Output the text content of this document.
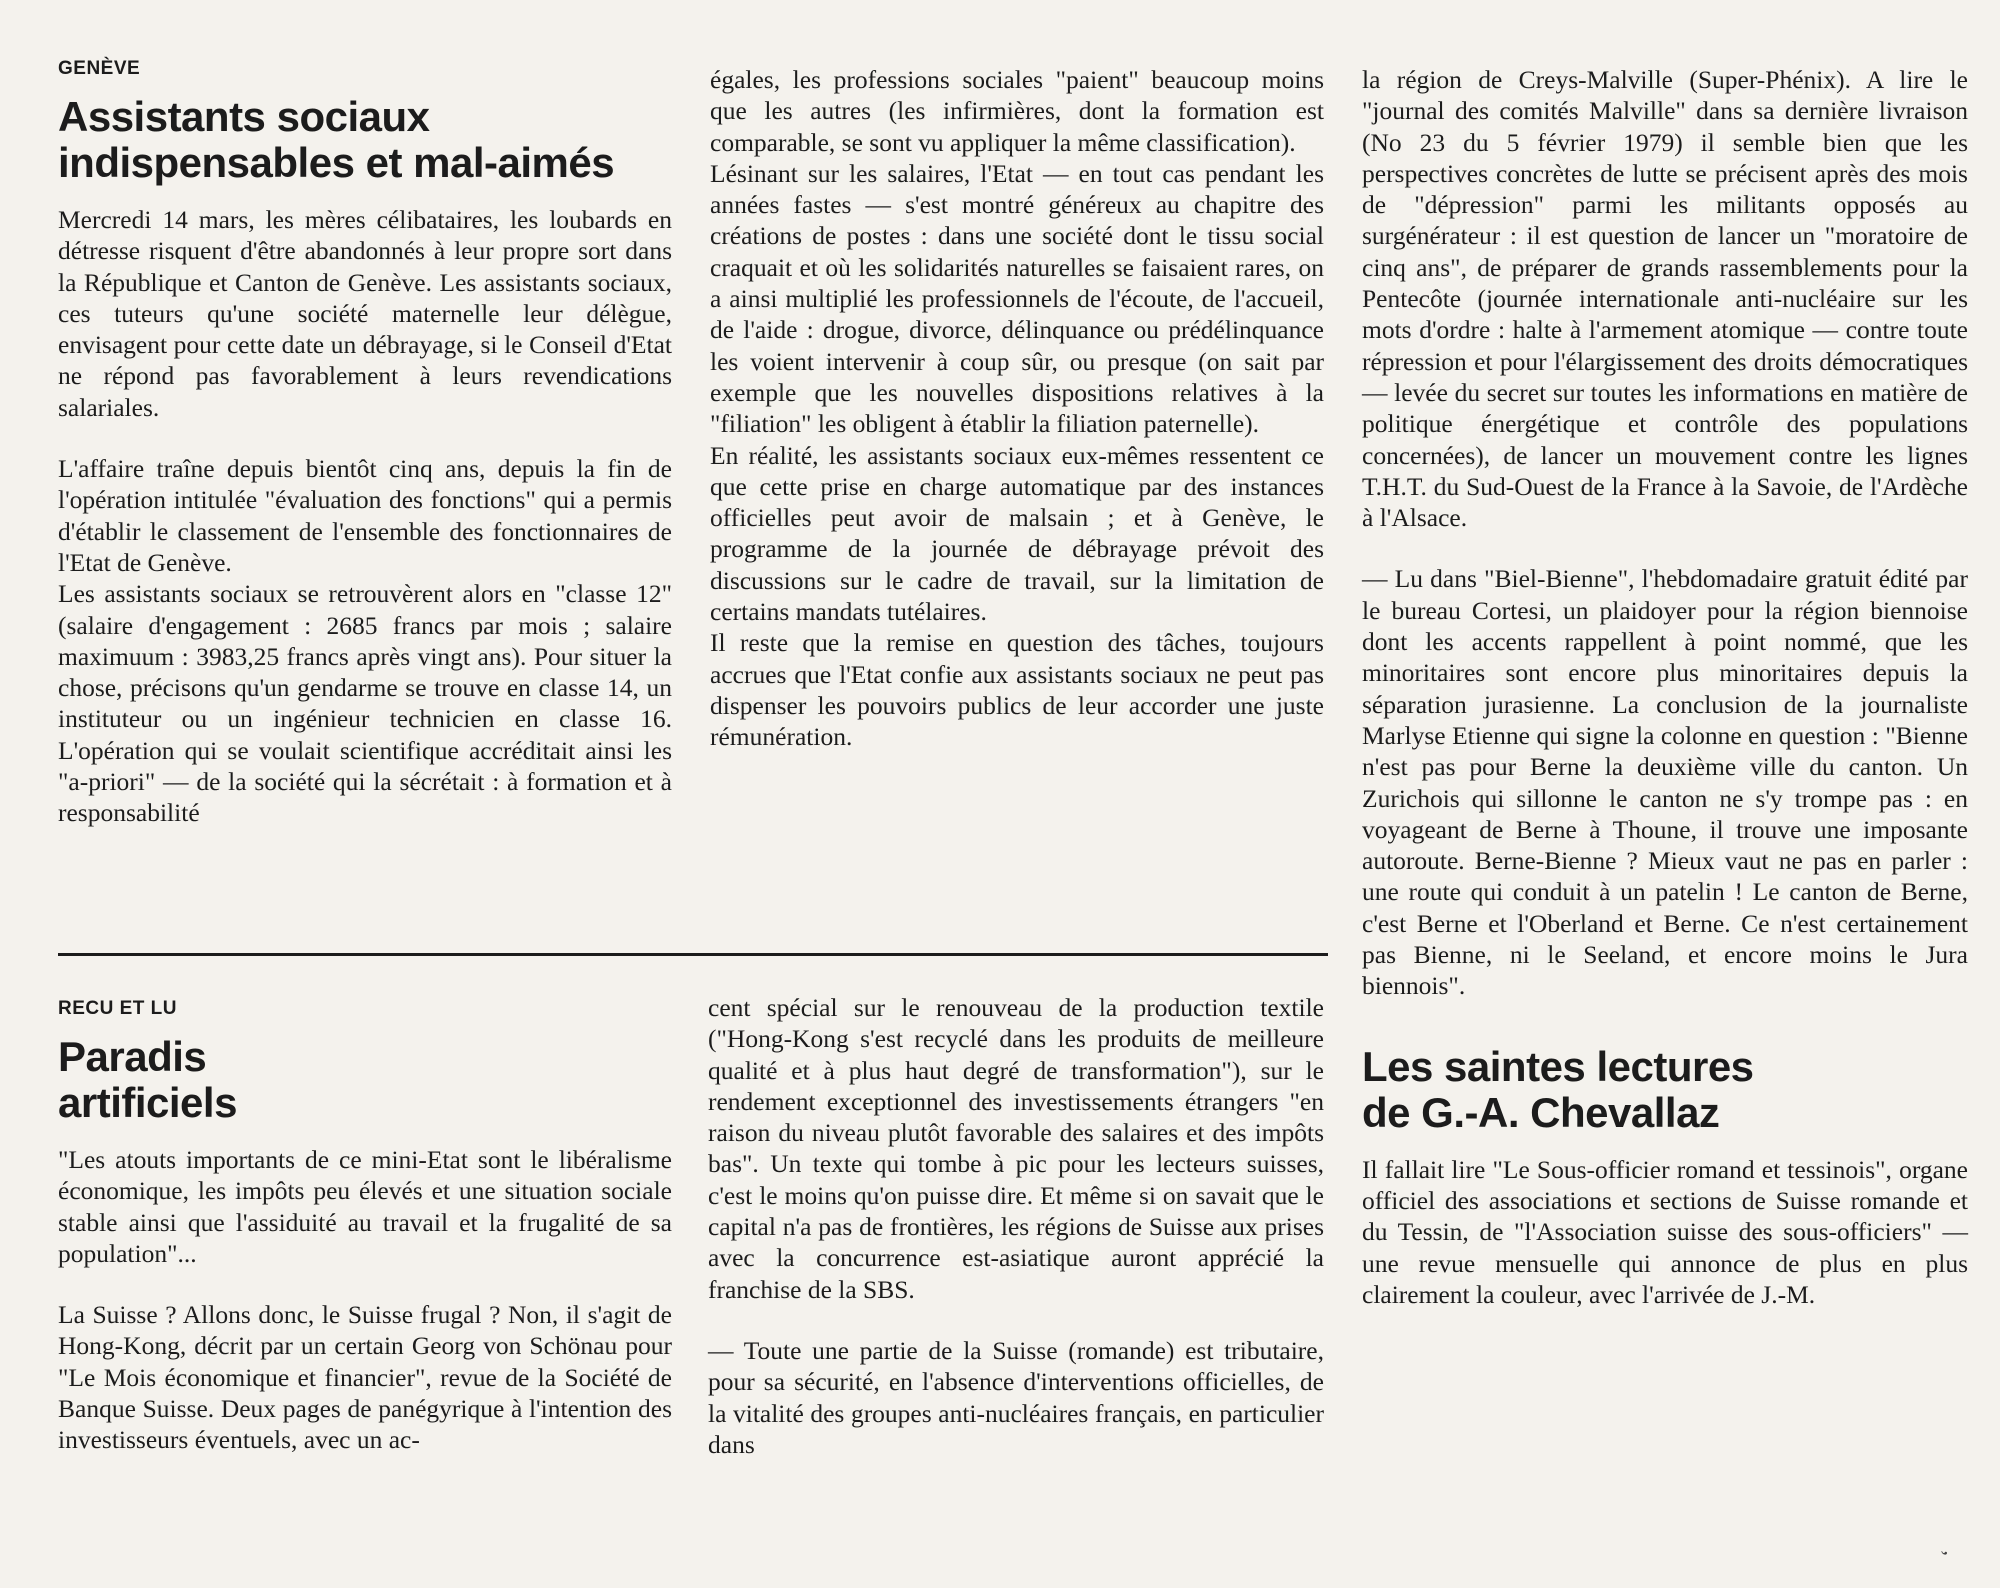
GENÈVE
Assistants sociaux
indispensables et mal-aimés

Mercredi 14 mars, les mères célibataires, les loubards en détresse risquent d'être abandonnés à leur propre sort dans la République et Canton de Genève. Les assistants sociaux, ces tuteurs qu'une société maternelle leur délègue, envisagent pour cette date un débrayage, si le Conseil d'Etat ne répond pas favorablement à leurs revendications salariales.

L'affaire traîne depuis bientôt cinq ans, depuis la fin de l'opération intitulée "évaluation des fonctions" qui a permis d'établir le classement de l'ensemble des fonctionnaires de l'Etat de Genève.

Les assistants sociaux se retrouvèrent alors en "classe 12" (salaire d'engagement : 2685 francs par mois ; salaire maximuum : 3983,25 francs après vingt ans). Pour situer la chose, précisons qu'un gendarme se trouve en classe 14, un instituteur ou un ingénieur technicien en classe 16. L'opération qui se voulait scientifique accréditait ainsi les "a-priori" — de la société qui la sécrétait : à formation et à responsabilité

égales, les professions sociales "paient" beaucoup moins que les autres (les infirmières, dont la formation est comparable, se sont vu appliquer la même classification).

Lésinant sur les salaires, l'Etat — en tout cas pendant les années fastes — s'est montré généreux au chapitre des créations de postes : dans une société dont le tissu social craquait et où les solidarités naturelles se faisaient rares, on a ainsi multiplié les professionnels de l'écoute, de l'accueil, de l'aide : drogue, divorce, délinquance ou prédélinquance les voient intervenir à coup sûr, ou presque (on sait par exemple que les nouvelles dispositions relatives à la "filiation" les obligent à établir la filiation paternelle).

En réalité, les assistants sociaux eux-mêmes ressentent ce que cette prise en charge automatique par des instances officielles peut avoir de malsain ; et à Genève, le programme de la journée de débrayage prévoit des discussions sur le cadre de travail, sur la limitation de certains mandats tutélaires.

Il reste que la remise en question des tâches, toujours accrues que l'Etat confie aux assistants sociaux ne peut pas dispenser les pouvoirs publics de leur accorder une juste rémunération.

RECU ET LU
Paradis
artificiels

"Les atouts importants de ce mini-Etat sont le libéralisme économique, les impôts peu élevés et une situation sociale stable ainsi que l'assiduité au travail et la frugalité de sa population"...

La Suisse ? Allons donc, le Suisse frugal ? Non, il s'agit de Hong-Kong, décrit par un certain Georg von Schönau pour "Le Mois économique et financier", revue de la Société de Banque Suisse. Deux pages de panégyrique à l'intention des investisseurs éventuels, avec un ac-

cent spécial sur le renouveau de la production textile ("Hong-Kong s'est recyclé dans les produits de meilleure qualité et à plus haut degré de transformation"), sur le rendement exceptionnel des investissements étrangers "en raison du niveau plutôt favorable des salaires et des impôts bas". Un texte qui tombe à pic pour les lecteurs suisses, c'est le moins qu'on puisse dire. Et même si on savait que le capital n'a pas de frontières, les régions de Suisse aux prises avec la concurrence est-asiatique auront apprécié la franchise de la SBS.

— Toute une partie de la Suisse (romande) est tributaire, pour sa sécurité, en l'absence d'interventions officielles, de la vitalité des groupes anti-nucléaires français, en particulier dans

la région de Creys-Malville (Super-Phénix). A lire le "journal des comités Malville" dans sa dernière livraison (No 23 du 5 février 1979) il semble bien que les perspectives concrètes de lutte se précisent après des mois de "dépression" parmi les militants opposés au surgénérateur : il est question de lancer un "moratoire de cinq ans", de préparer de grands rassemblements pour la Pentecôte (journée internationale anti-nucléaire sur les mots d'ordre : halte à l'armement atomique — contre toute répression et pour l'élargissement des droits démocratiques — levée du secret sur toutes les informations en matière de politique énergétique et contrôle des populations concernées), de lancer un mouvement contre les lignes T.H.T. du Sud-Ouest de la France à la Savoie, de l'Ardèche à l'Alsace.

— Lu dans "Biel-Bienne", l'hebdomadaire gratuit édité par le bureau Cortesi, un plaidoyer pour la région biennoise dont les accents rappellent à point nommé, que les minoritaires sont encore plus minoritaires depuis la séparation jurasienne. La conclusion de la journaliste Marlyse Etienne qui signe la colonne en question : "Bienne n'est pas pour Berne la deuxième ville du canton. Un Zurichois qui sillonne le canton ne s'y trompe pas : en voyageant de Berne à Thoune, il trouve une imposante autoroute. Berne-Bienne ? Mieux vaut ne pas en parler : une route qui conduit à un patelin ! Le canton de Berne, c'est Berne et l'Oberland et Berne. Ce n'est certainement pas Bienne, ni le Seeland, et encore moins le Jura biennois".

Les saintes lectures
de G.-A. Chevallaz

Il fallait lire "Le Sous-officier romand et tessinois", organe officiel des associations et sections de Suisse romande et du Tessin, de "l'Association suisse des sous-officiers" — une revue mensuelle qui annonce de plus en plus clairement la couleur, avec l'arrivée de J.-M.

‚
